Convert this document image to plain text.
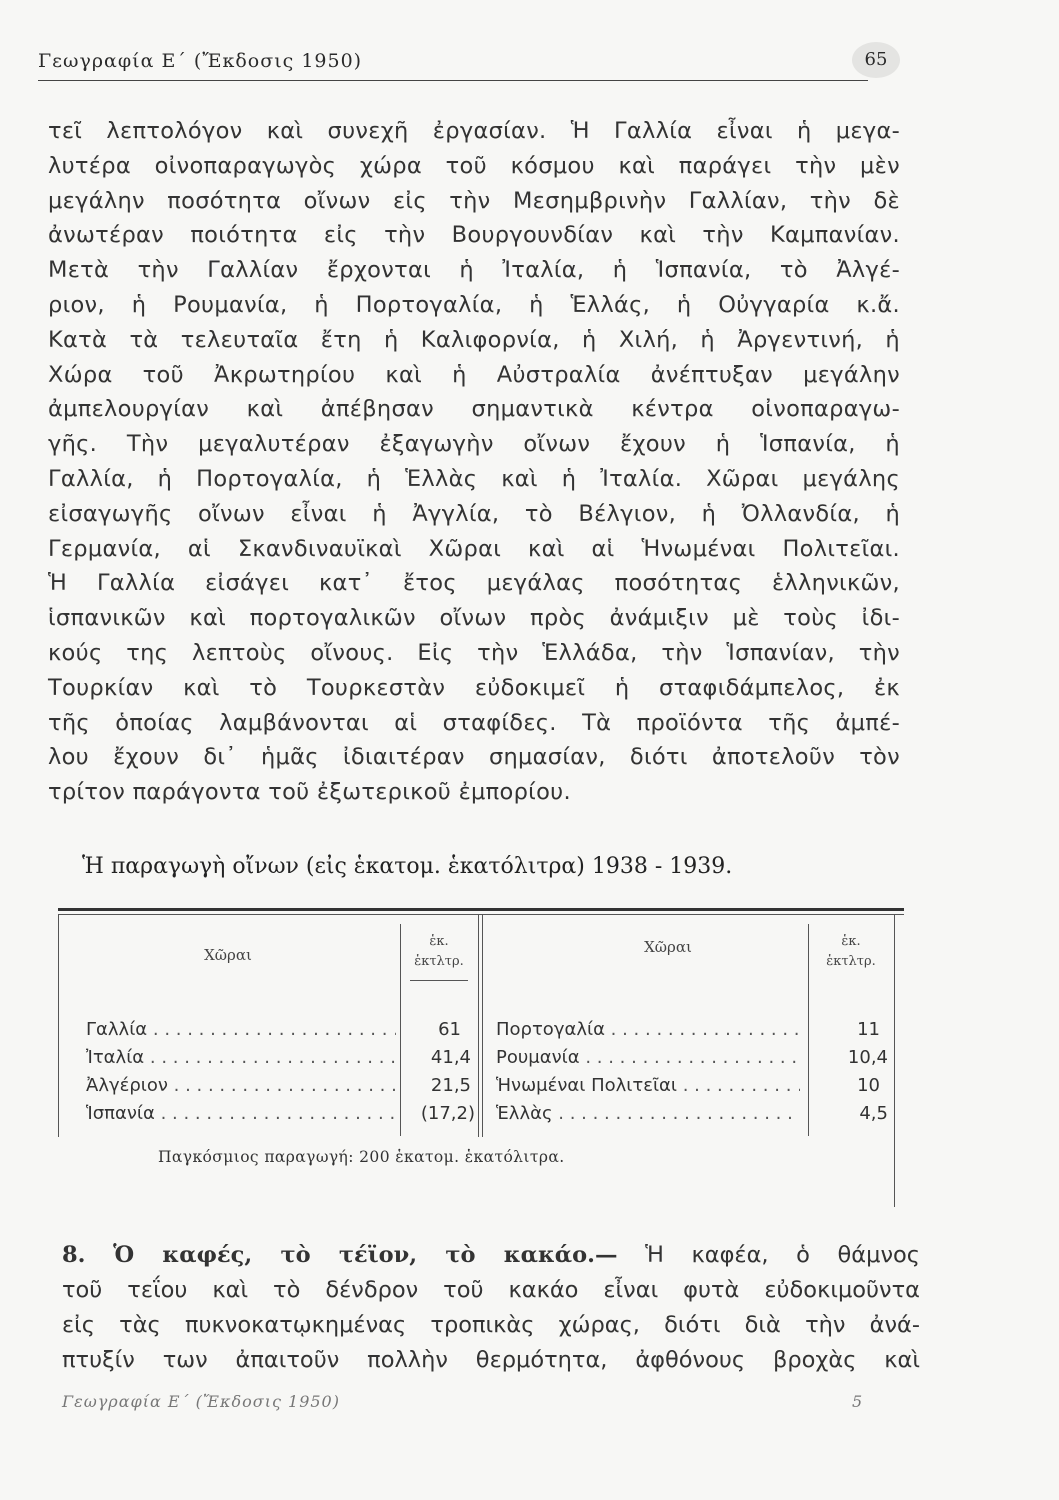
Γεωγραφία Ε΄ (Ἔκδοσις 1950)	65
τεῖ λεπτολόγον καὶ συνεχῆ ἐργασίαν. Ἡ Γαλλία εἶναι ἡ μεγα-
λυτέρα οἰνοπαραγωγὸς χώρα τοῦ κόσμου καὶ παράγει τὴν μὲν
μεγάλην ποσότητα οἴνων εἰς τὴν Μεσημβρινὴν Γαλλίαν, τὴν δὲ
ἀνωτέραν ποιότητα εἰς τὴν Βουργουνδίαν καὶ τὴν Καμπανίαν.
Μετὰ τὴν Γαλλίαν ἔρχονται ἡ Ἰταλία, ἡ Ἱσπανία, τὸ Ἀλγέ-
ριον, ἡ Ρουμανία, ἡ Πορτογαλία, ἡ Ἑλλάς, ἡ Οὐγγαρία κ.ἄ.
Κατὰ τὰ τελευταῖα ἔτη ἡ Καλιφορνία, ἡ Χιλή, ἡ Ἀργεντινή, ἡ
Χώρα τοῦ Ἀκρωτηρίου καὶ ἡ Αὐστραλία ἀνέπτυξαν μεγάλην
ἀμπελουργίαν καὶ ἀπέβησαν σημαντικὰ κέντρα οἰνοπαραγω-
γῆς. Τὴν μεγαλυτέραν ἐξαγωγὴν οἴνων ἔχουν ἡ Ἱσπανία, ἡ
Γαλλία, ἡ Πορτογαλία, ἡ Ἑλλὰς καὶ ἡ Ἰταλία. Χῶραι μεγάλης
εἰσαγωγῆς οἴνων εἶναι ἡ Ἀγγλία, τὸ Βέλγιον, ἡ Ὀλλανδία, ἡ
Γερμανία, αἱ Σκανδιναυϊκαὶ Χῶραι καὶ αἱ Ἡνωμέναι Πολιτεῖαι.
Ἡ Γαλλία εἰσάγει κατ᾽ ἔτος μεγάλας ποσότητας ἑλληνικῶν,
ἱσπανικῶν καὶ πορτογαλικῶν οἴνων πρὸς ἀνάμιξιν μὲ τοὺς ἰδι-
κούς της λεπτοὺς οἴνους. Εἰς τὴν Ἑλλάδα, τὴν Ἱσπανίαν, τὴν
Τουρκίαν καὶ τὸ Τουρκεστὰν εὐδοκιμεῖ ἡ σταφιδάμπελος, ἐκ
τῆς ὁποίας λαμβάνονται αἱ σταφίδες. Τὰ προϊόντα τῆς ἀμπέ-
λου ἔχουν δι᾽ ἡμᾶς ἰδιαιτέραν σημασίαν, διότι ἀποτελοῦν τὸν
τρίτον παράγοντα τοῦ ἐξωτερικοῦ ἐμπορίου.
Ἡ παραγωγὴ οἴνων (εἰς ἑκατομ. ἑκατόλιτρα) 1938 - 1939.
Χῶραι
ἑκ.
ἑκτλτρ.
Χῶραι	ἑκ.
ἑκτλτρ.
Γαλλία . . .	61 Πορτογαλία . . .	11
Ἰταλία . . .	41,4 Ρουμανία . . .	10,4
Ἀλγέριον . . .	21,5 Ἡνωμέναι Πολιτεῖαι . . .	10
Ἱσπανία . . .	(17,2) Ἑλλὰς . . .	4,5
Παγκόσμιος παραγωγή: 200 ἑκατομ. ἑκατόλιτρα.
8. Ὁ καφές, τὸ τέϊον, τὸ κακάο.— Ἡ καφέα, ὁ θάμνος
τοῦ τεΐου καὶ τὸ δένδρον τοῦ κακάο εἶναι φυτὰ εὐδοκιμοῦντα
εἰς τὰς πυκνοκατῳκημένας τροπικὰς χώρας, διότι διὰ τὴν ἀνά-
πτυξίν των ἀπαιτοῦν πολλὴν θερμότητα, ἀφθόνους βροχὰς καὶ
Γεωγραφία Ε΄ (Ἔκδοσις 1950)	5
